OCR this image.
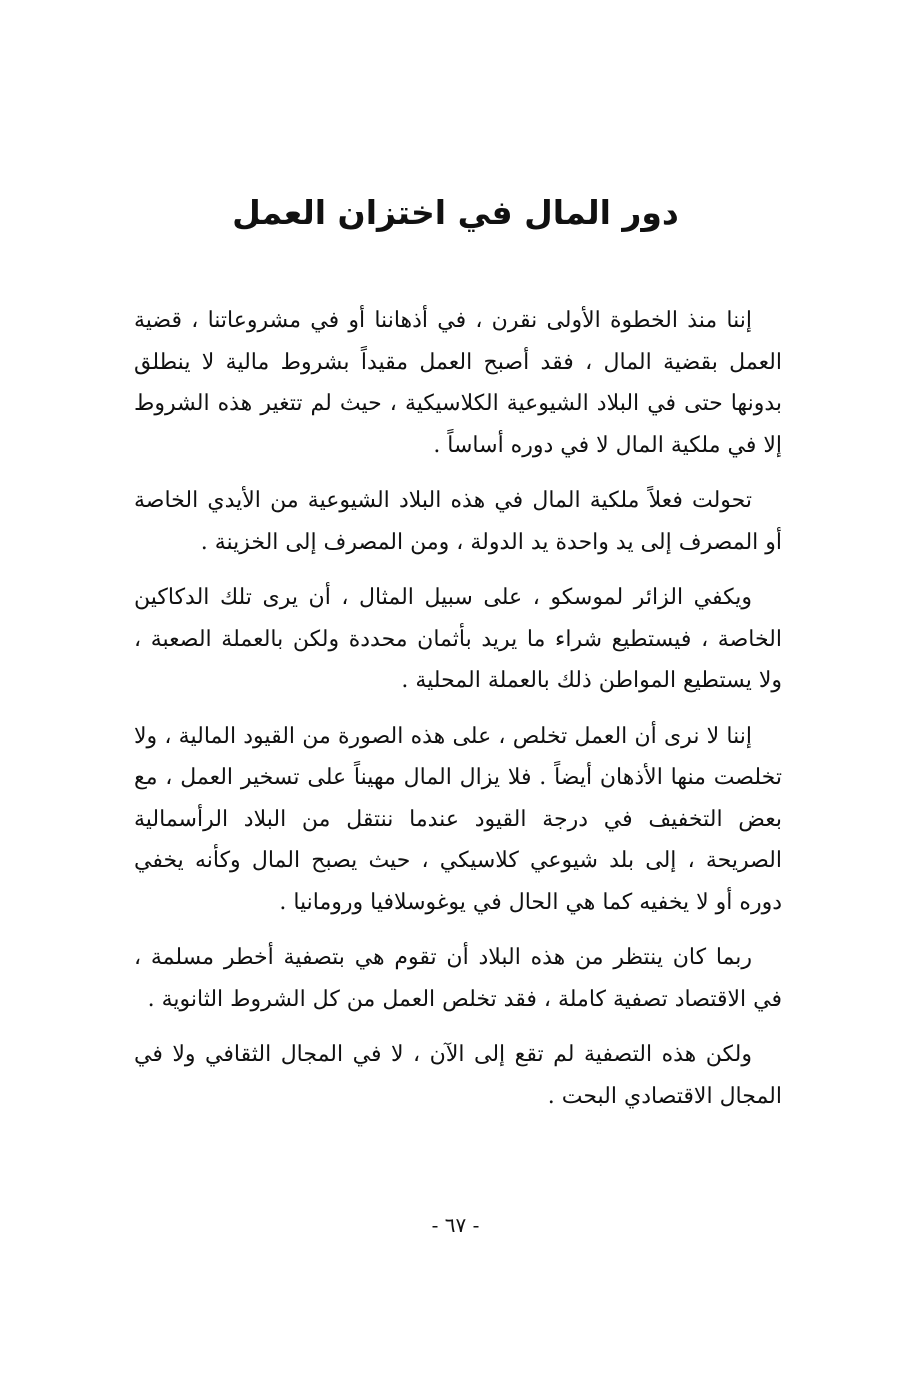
دور المال في اختزان العمل

إننا منذ الخطوة الأولى نقرن ، في أذهاننا أو في مشروعاتنا ، قضية العمل بقضية المال ، فقد أصبح العمل مقيداً بشروط مالية لا ينطلق بدونها حتى في البلاد الشيوعية الكلاسيكية ، حيث لم تتغير هذه الشروط إلا في ملكية المال لا في دوره أساساً .

تحولت فعلاً ملكية المال في هذه البلاد الشيوعية من الأيدي الخاصة أو المصرف إلى يد واحدة يد الدولة ، ومن المصرف إلى الخزينة .

ويكفي الزائر لموسكو ، على سبيل المثال ، أن يرى تلك الدكاكين الخاصة ، فيستطيع شراء ما يريد بأثمان محددة ولكن بالعملة الصعبة ، ولا يستطيع المواطن ذلك بالعملة المحلية .

إننا لا نرى أن العمل تخلص ، على هذه الصورة من القيود المالية ، ولا تخلصت منها الأذهان أيضاً . فلا يزال المال مهيناً على تسخير العمل ، مع بعض التخفيف في درجة القيود عندما ننتقل من البلاد الرأسمالية الصريحة ، إلى بلد شيوعي كلاسيكي ، حيث يصبح المال وكأنه يخفي دوره أو لا يخفيه كما هي الحال في يوغوسلافيا ورومانيا .

ربما كان ينتظر من هذه البلاد أن تقوم هي بتصفية أخطر مسلمة ، في الاقتصاد تصفية كاملة ، فقد تخلص العمل من كل الشروط الثانوية .

ولكن هذه التصفية لم تقع إلى الآن ، لا في المجال الثقافي ولا في المجال الاقتصادي البحت .

- ٦٧ -
